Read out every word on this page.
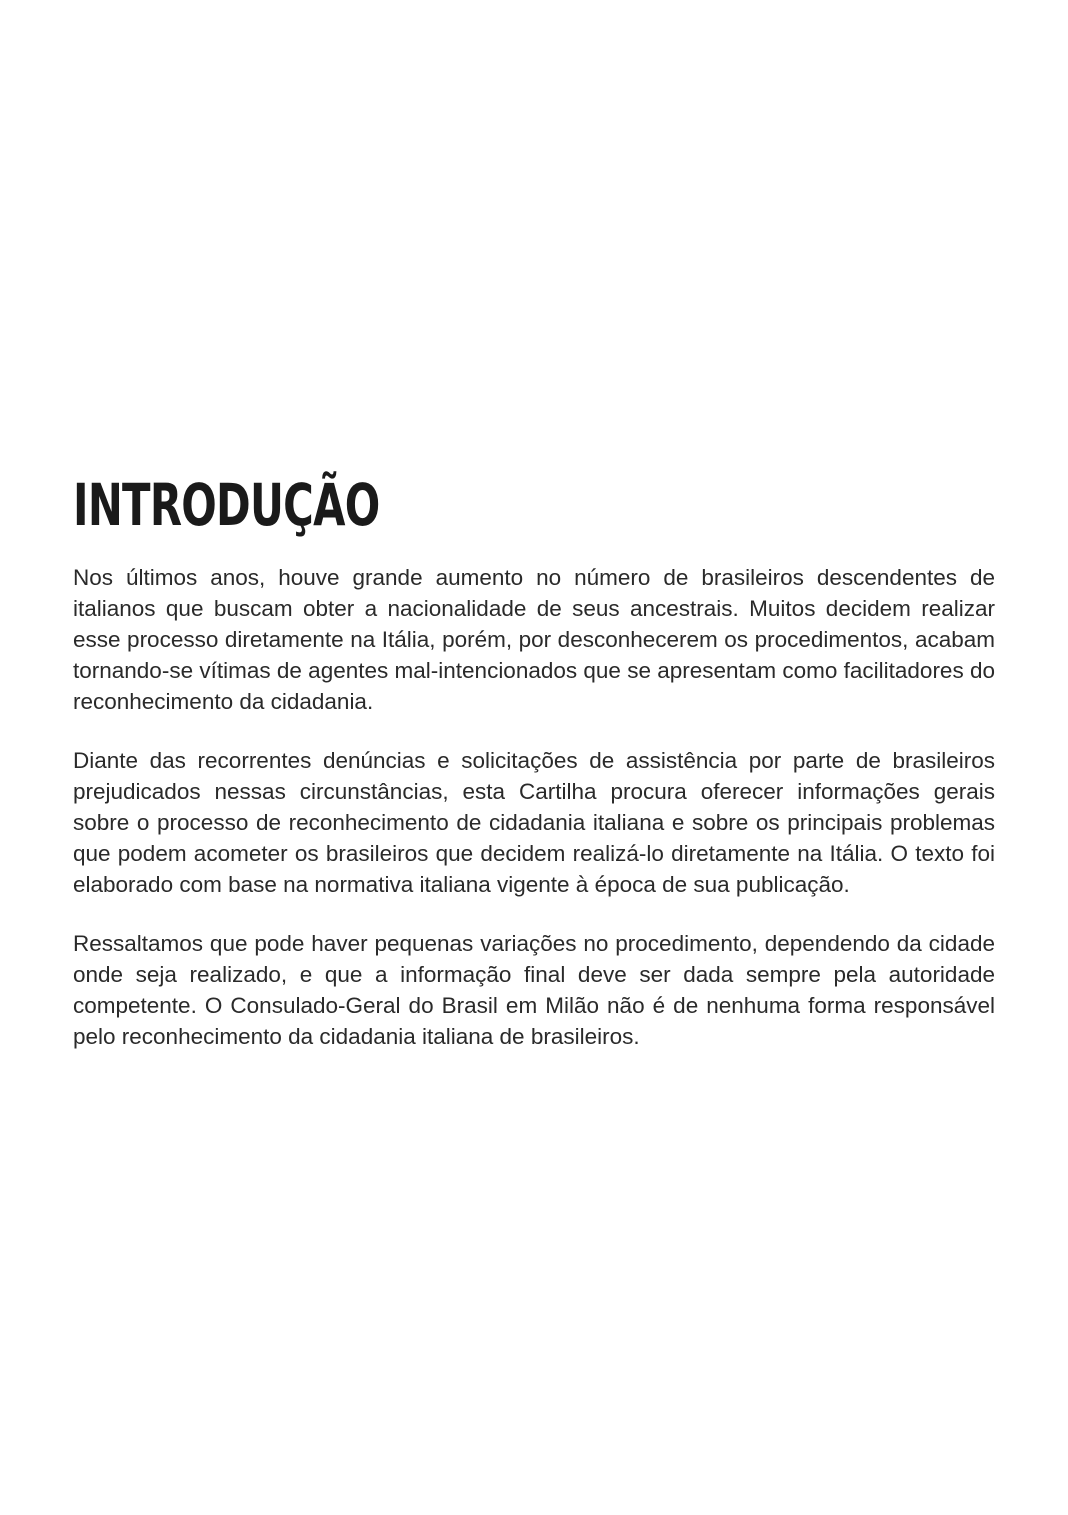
INTRODUÇÃO

Nos últimos anos, houve grande aumento no número de brasileiros descendentes de italianos que buscam obter a nacionalidade de seus ancestrais. Muitos decidem realizar esse processo diretamente na Itália, porém, por desconhecerem os procedimentos, acabam tornando-se vítimas de agentes mal-intencionados que se apresentam como facilitadores do reconhecimento da cidadania.

Diante das recorrentes denúncias e solicitações de assistência por parte de brasileiros prejudicados nessas circunstâncias, esta Cartilha procura oferecer informações gerais sobre o processo de reconhecimento de cidadania italiana e sobre os principais problemas que podem acometer os brasileiros que decidem realizá-lo diretamente na Itália. O texto foi elaborado com base na normativa italiana vigente à época de sua publicação.

Ressaltamos que pode haver pequenas variações no procedimento, dependendo da cidade onde seja realizado, e que a informação final deve ser dada sempre pela autoridade competente. O Consulado-Geral do Brasil em Milão não é de nenhuma forma responsável pelo reconhecimento da cidadania italiana de brasileiros.
